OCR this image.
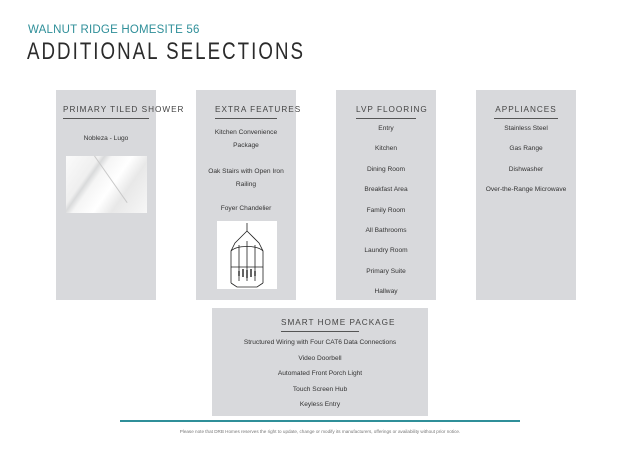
WALNUT RIDGE HOMESITE 56
ADDITIONAL SELECTIONS
PRIMARY TILED SHOWER
Nobleza - Lugo
EXTRA FEATURES
Kitchen Convenience Package
Oak Stairs with Open Iron Railing
Foyer Chandelier
LVP FLOORING
Entry
Kitchen
Dining Room
Breakfast Area
Family Room
All Bathrooms
Laundry Room
Primary Suite
Hallway
APPLIANCES
Stainless Steel
Gas Range
Dishwasher
Over-the-Range Microwave
SMART HOME PACKAGE
Structured Wiring with Four CAT6 Data Connections
Video Doorbell
Automated Front Porch Light
Touch Screen Hub
Keyless Entry
Please note that DRB Homes reserves the right to update, change or modify its manufacturers, offerings or availability without prior notice.
